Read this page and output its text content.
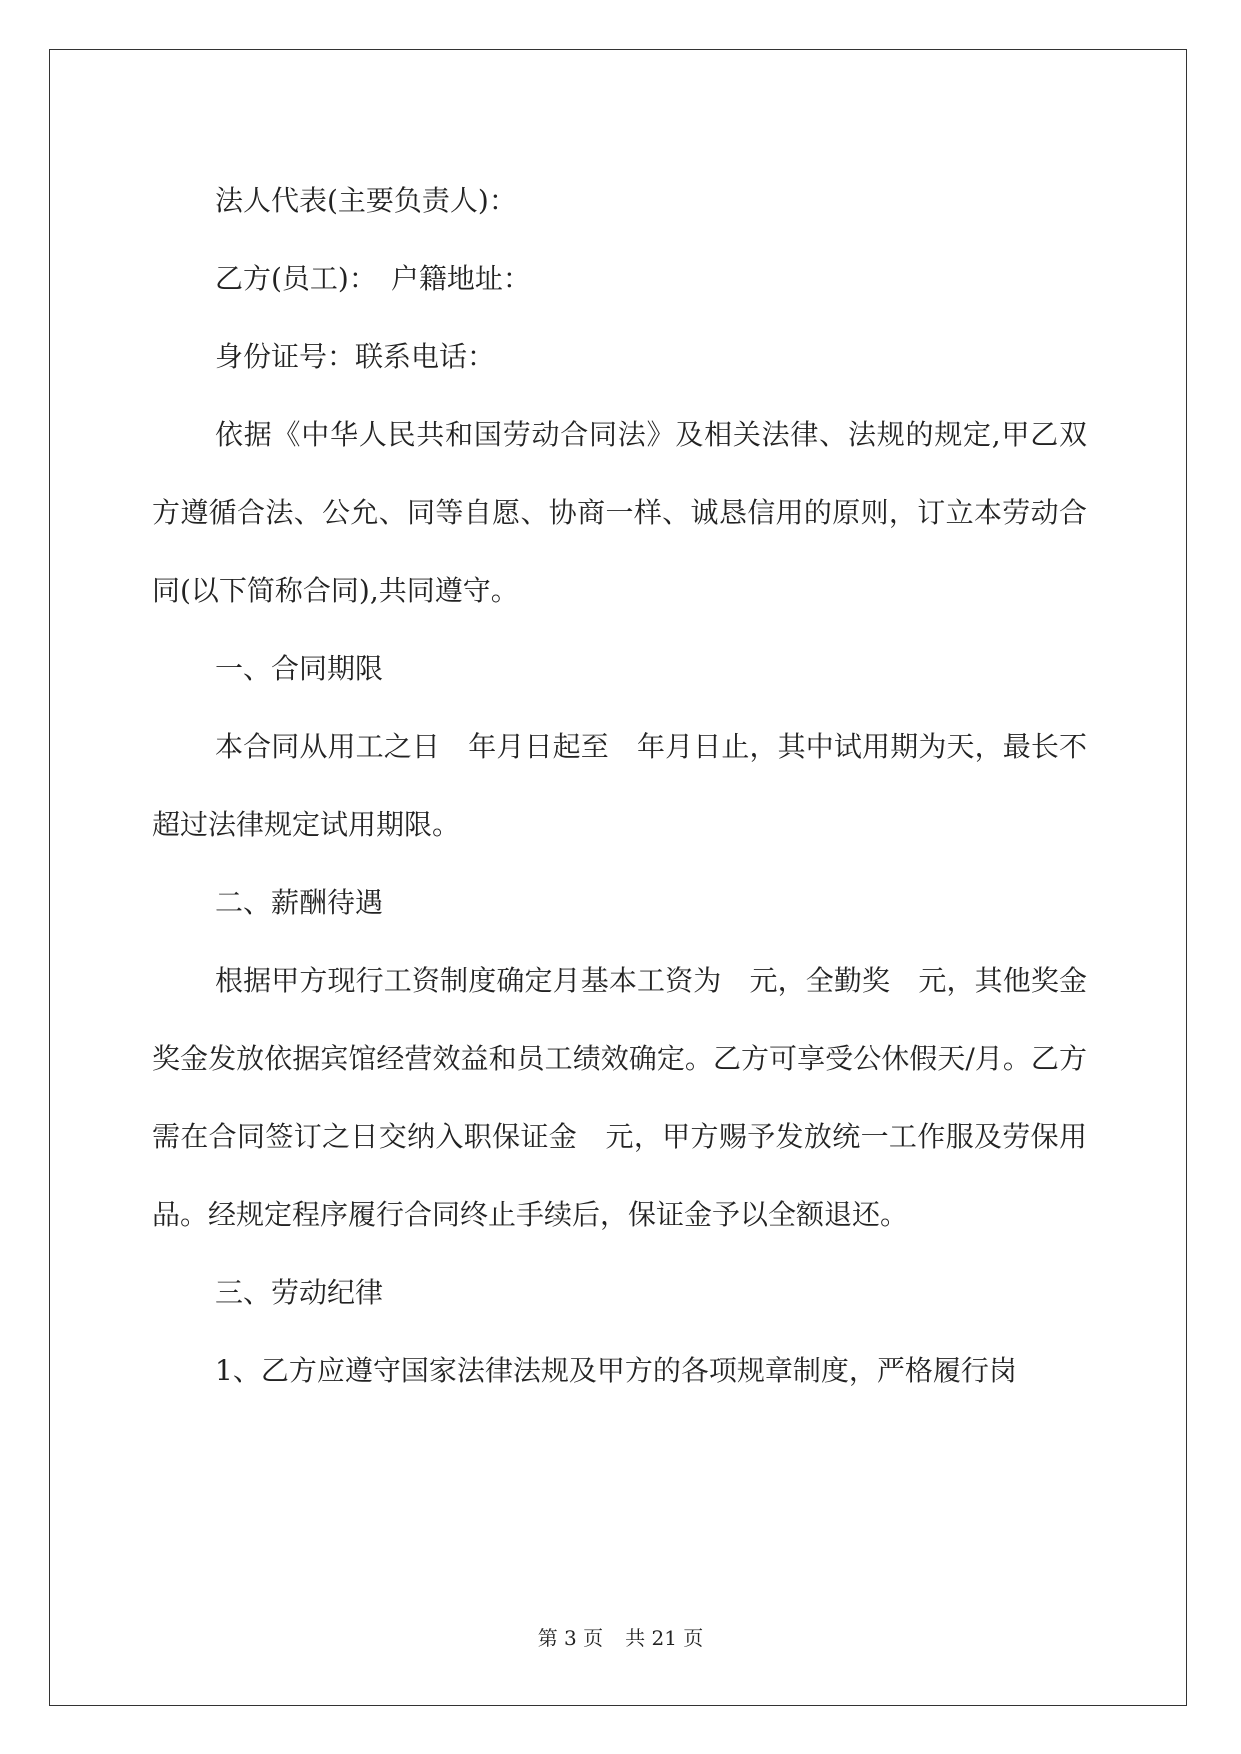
法人代表(主要负责人)：

乙方(员工)：　户籍地址：

身份证号：联系电话：

依据《中华人民共和国劳动合同法》及相关法律、法规的规定,甲乙双方遵循合法、公允、同等自愿、协商一样、诚恳信用的原则，订立本劳动合同(以下简称合同),共同遵守。

一、合同期限

本合同从用工之日　年月日起至　年月日止，其中试用期为天，最长不超过法律规定试用期限。

二、薪酬待遇

根据甲方现行工资制度确定月基本工资为　元，全勤奖　元，其他奖金奖金发放依据宾馆经营效益和员工绩效确定。乙方可享受公休假天/月。乙方需在合同签订之日交纳入职保证金　元，甲方赐予发放统一工作服及劳保用品。经规定程序履行合同终止手续后，保证金予以全额退还。

三、劳动纪律

1、乙方应遵守国家法律法规及甲方的各项规章制度，严格履行岗

第 3 页 共 21 页
